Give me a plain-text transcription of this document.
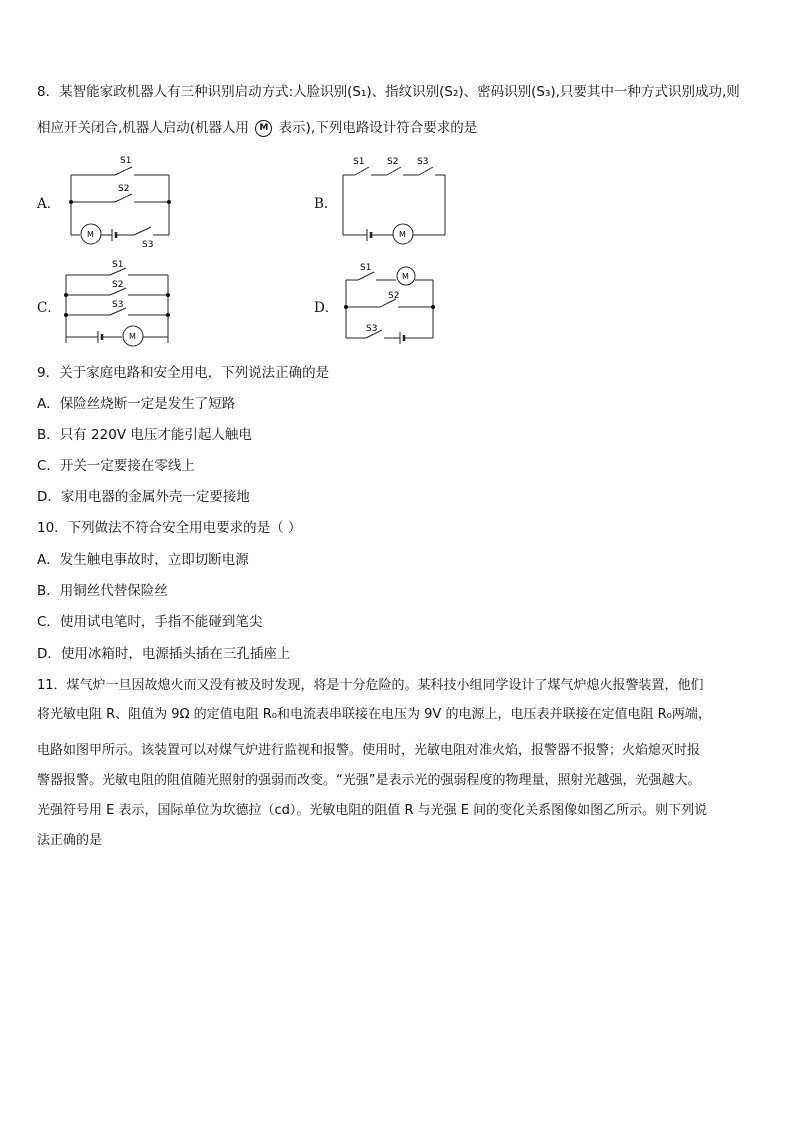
8．某智能家政机器人有三种识别启动方式:人脸识别(S₁)、指纹识别(S₂)、密码识别(S₃),只要其中一种方式识别成功,则
相应开关闭合,机器人启动(机器人用 M 表示),下列电路设计符合要求的是
A．	B．
C．	D．
S1
S2
M
S3
S1	S2 S3
M
S1
S2
S3
M
S1
M
S2
S3
9．关于家庭电路和安全用电，下列说法正确的是
A．保险丝烧断一定是发生了短路
B．只有 220V 电压才能引起人触电
C．开关一定要接在零线上
D．家用电器的金属外壳一定要接地
10．下列做法不符合安全用电要求的是（ ）
A．发生触电事故时，立即切断电源
B．用铜丝代替保险丝
C．使用试电笔时，手指不能碰到笔尖
D．使用冰箱时，电源插头插在三孔插座上
11．煤气炉一旦因故熄火而又没有被及时发现，将是十分危险的。某科技小组同学设计了煤气炉熄火报警装置，他们
将光敏电阻 R、阻值为 9Ω 的定值电阻 R₀和电流表串联接在电压为 9V 的电源上，电压表并联接在定值电阻 R₀两端，
电路如图甲所示。该装置可以对煤气炉进行监视和报警。使用时，光敏电阻对准火焰，报警器不报警；火焰熄灭时报
警器报警。光敏电阻的阻值随光照射的强弱而改变。“光强”是表示光的强弱程度的物理量，照射光越强，光强越大。
光强符号用 E 表示，国际单位为坎德拉（cd）。光敏电阻的阻值 R 与光强 E 间的变化关系图像如图乙所示。则下列说
法正确的是
